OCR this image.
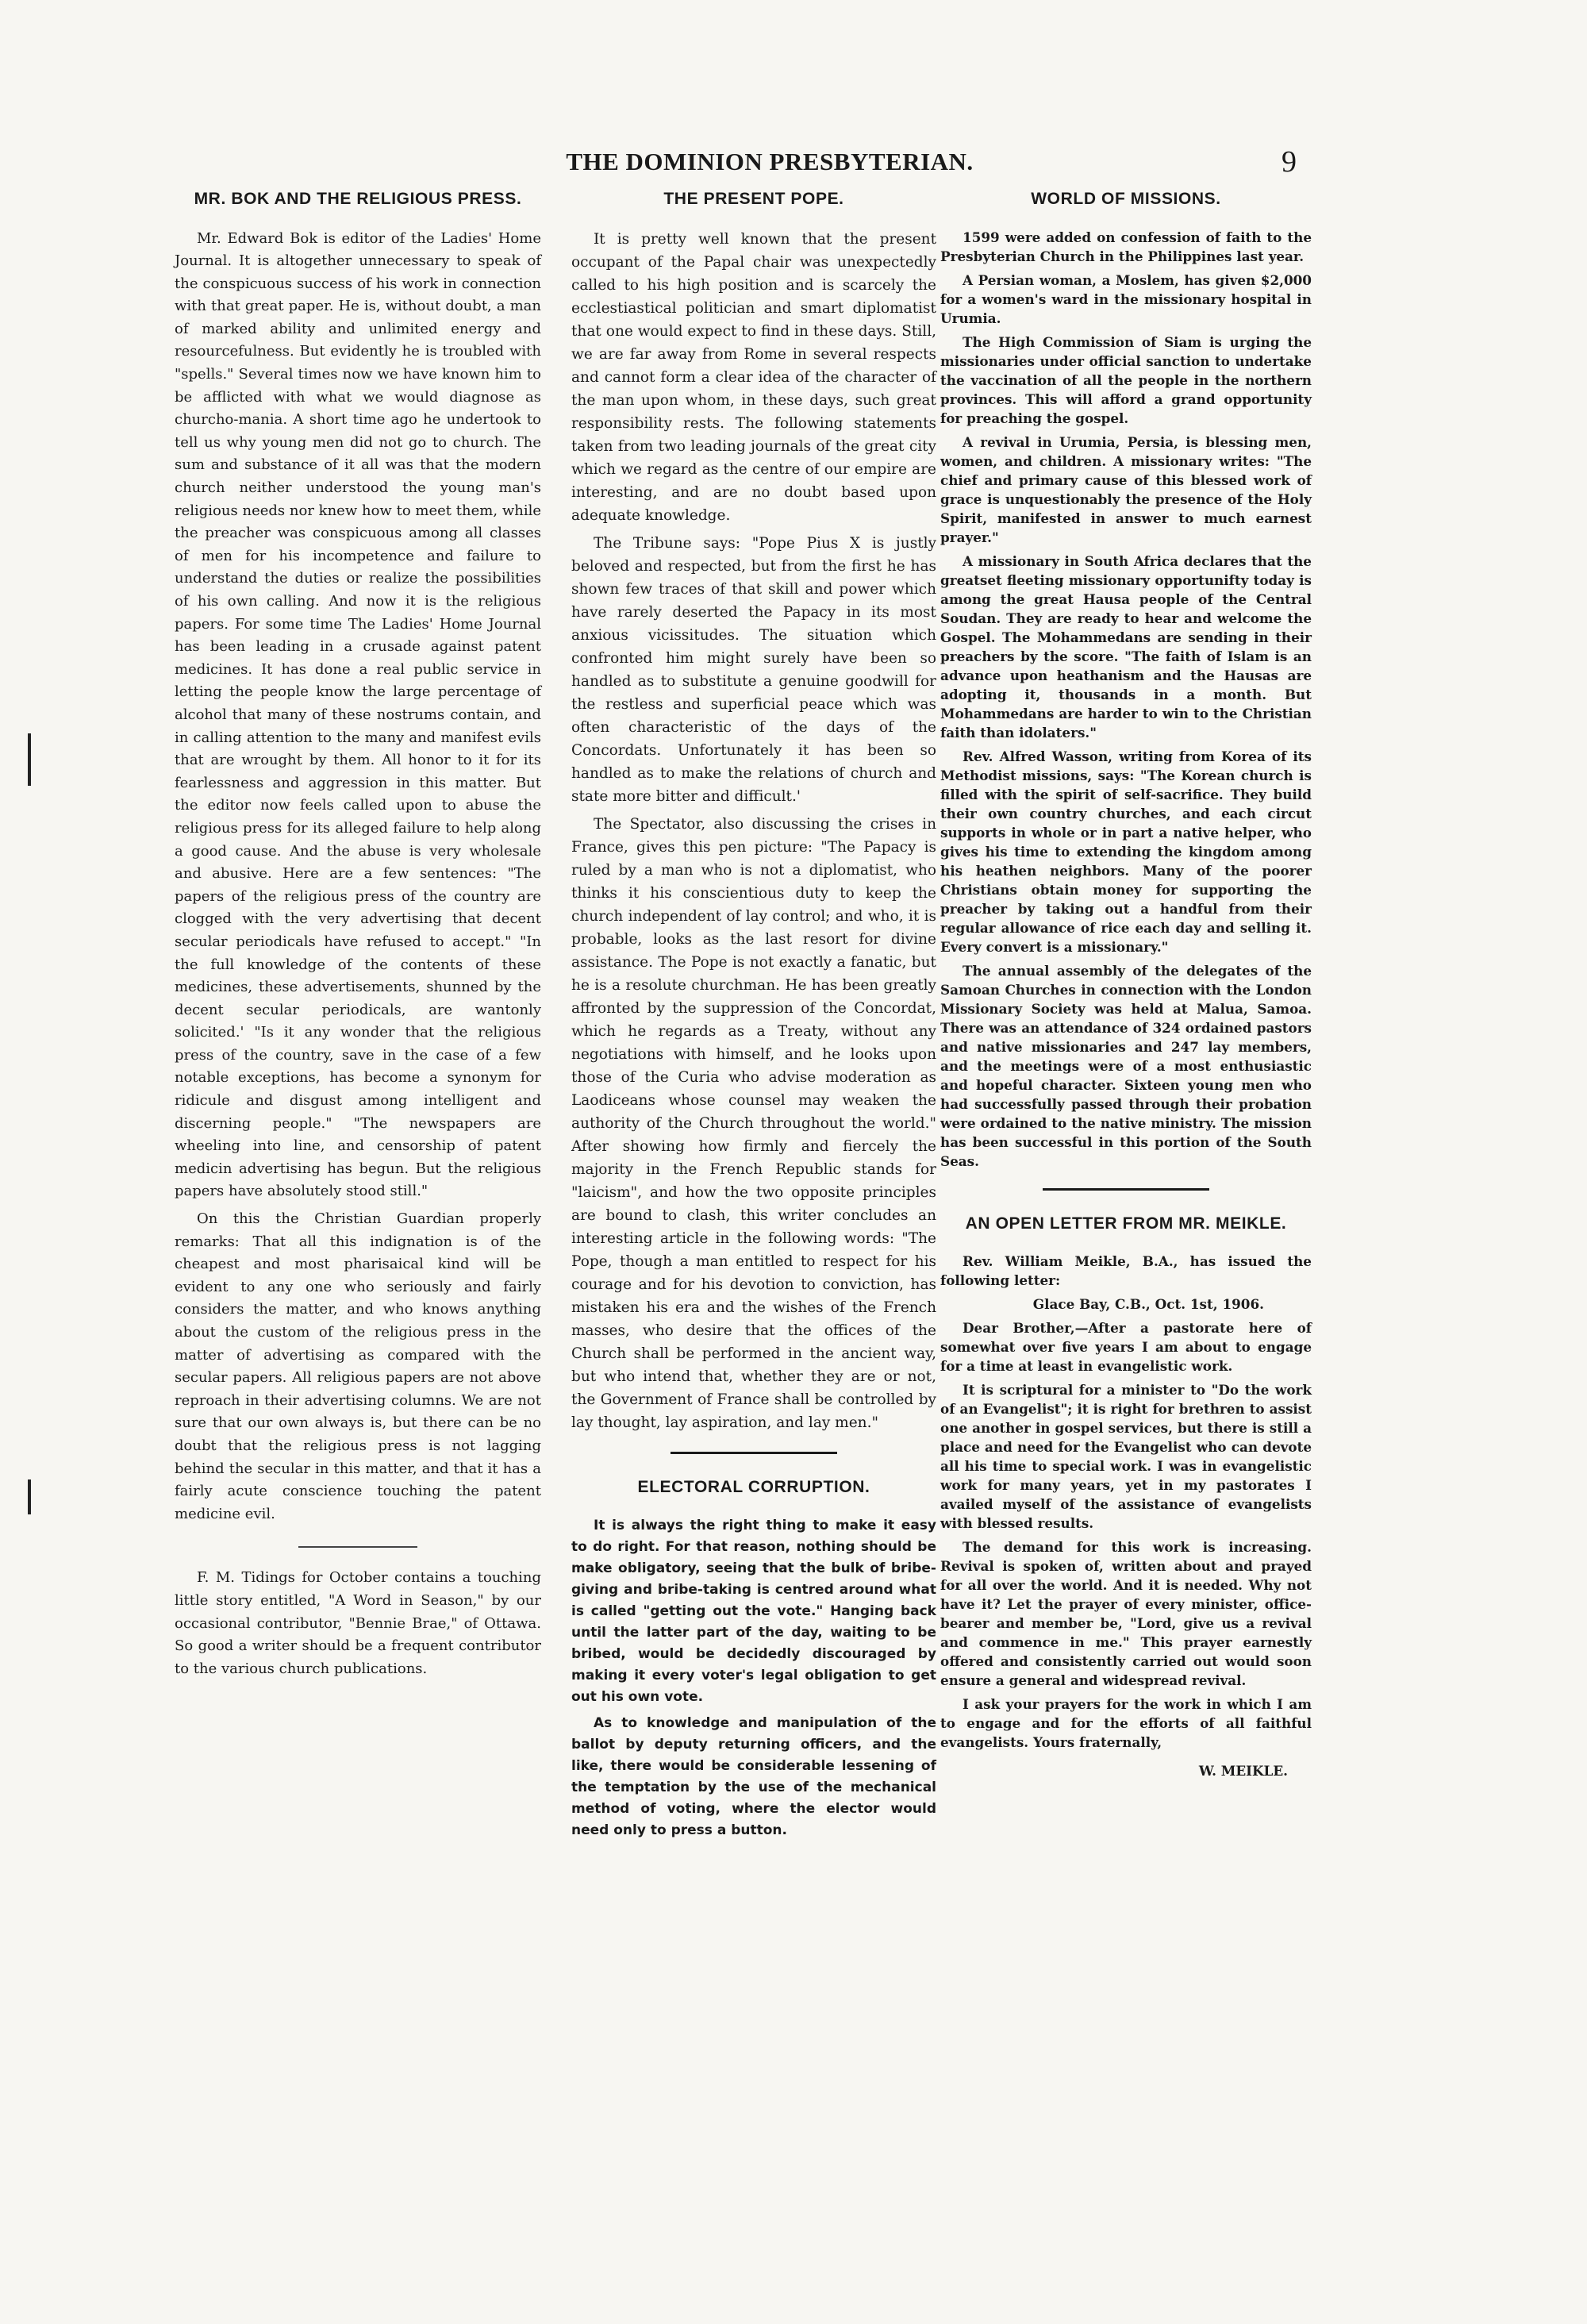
THE DOMINION PRESBYTERIAN.	9
MR. BOK AND THE RELIGIOUS PRESS.

Mr. Edward Bok is editor of the Ladies' Home Journal. It is altogether unnecessary to speak of the conspicuous success of his work in connection with that great paper. He is, without doubt, a man of marked ability and unlimited energy and resourcefulness. But evidently he is troubled with "spells." Several times now we have known him to be afflicted with what we would diagnose as churcho-mania. A short time ago he undertook to tell us why young men did not go to church. The sum and substance of it all was that the modern church neither understood the young man's religious needs nor knew how to meet them, while the preacher was conspicuous among all classes of men for his incompetence and failure to understand the duties or realize the possibilities of his own calling. And now it is the religious papers. For some time The Ladies' Home Journal has been leading in a crusade against patent medicines. It has done a real public service in letting the people know the large percentage of alcohol that many of these nostrums contain, and in calling attention to the many and manifest evils that are wrought by them. All honor to it for its fearlessness and aggression in this matter. But the editor now feels called upon to abuse the religious press for its alleged failure to help along a good cause. And the abuse is very wholesale and abusive. Here are a few sentences: "The papers of the religious press of the country are clogged with the very advertising that decent secular periodicals have refused to accept." "In the full knowledge of the contents of these medicines, these advertisements, shunned by the decent secular periodicals, are wantonly solicited.' "Is it any wonder that the religious press of the country, save in the case of a few notable exceptions, has become a synonym for ridicule and disgust among intelligent and discerning people." "The newspapers are wheeling into line, and censorship of patent medicin advertising has begun. But the religious papers have absolutely stood still."

On this the Christian Guardian properly remarks: That all this indignation is of the cheapest and most pharisaical kind will be evident to any one who seriously and fairly considers the matter, and who knows anything about the custom of the religious press in the matter of advertising as compared with the secular papers. All religious papers are not above reproach in their advertising columns. We are not sure that our own always is, but there can be no doubt that the religious press is not lagging behind the secular in this matter, and that it has a fairly acute conscience touching the patent medicine evil.

F. M. Tidings for October contains a touching little story entitled, "A Word in Season," by our occasional contributor, "Bennie Brae," of Ottawa. So good a writer should be a frequent contributor to the various church publications.

THE PRESENT POPE.

It is pretty well known that the present occupant of the Papal chair was unexpectedly called to his high position and is scarcely the ecclestiastical politician and smart diplomatist that one would expect to find in these days. Still, we are far away from Rome in several respects and cannot form a clear idea of the character of the man upon whom, in these days, such great responsibility rests. The following statements taken from two leading journals of the great city which we regard as the centre of our empire are interesting, and are no doubt based upon adequate knowledge.

The Tribune says: "Pope Pius X is justly beloved and respected, but from the first he has shown few traces of that skill and power which have rarely deserted the Papacy in its most anxious vicissitudes. The situation which confronted him might surely have been so handled as to substitute a genuine goodwill for the restless and superficial peace which was often characteristic of the days of the Concordats. Unfortunately it has been so handled as to make the relations of church and state more bitter and difficult.'

The Spectator, also discussing the crises in France, gives this pen picture: "The Papacy is ruled by a man who is not a diplomatist, who thinks it his conscientious duty to keep the church independent of lay control; and who, it is probable, looks as the last resort for divine assistance. The Pope is not exactly a fanatic, but he is a resolute churchman. He has been greatly affronted by the suppression of the Concordat, which he regards as a Treaty, without any negotiations with himself, and he looks upon those of the Curia who advise moderation as Laodiceans whose counsel may weaken the authority of the Church throughout the world." After showing how firmly and fiercely the majority in the French Republic stands for "laicism", and how the two opposite principles are bound to clash, this writer concludes an interesting article in the following words: "The Pope, though a man entitled to respect for his courage and for his devotion to conviction, has mistaken his era and the wishes of the French masses, who desire that the offices of the Church shall be performed in the ancient way, but who intend that, whether they are or not, the Government of France shall be controlled by lay thought, lay aspiration, and lay men."

ELECTORAL CORRUPTION.

It is always the right thing to make it easy to do right. For that reason, nothing should be make obligatory, seeing that the bulk of bribe-giving and bribe-taking is centred around what is called "getting out the vote." Hanging back until the latter part of the day, waiting to be bribed, would be decidedly discouraged by making it every voter's legal obligation to get out his own vote.

As to knowledge and manipulation of the ballot by deputy returning officers, and the like, there would be considerable lessening of the temptation by the use of the mechanical method of voting, where the elector would need only to press a button.

WORLD OF MISSIONS.

1599 were added on confession of faith to the Presbyterian Church in the Philippines last year.

A Persian woman, a Moslem, has given $2,000 for a women's ward in the missionary hospital in Urumia.

The High Commission of Siam is urging the missionaries under official sanction to undertake the vaccination of all the people in the northern provinces. This will afford a grand opportunity for preaching the gospel.

A revival in Urumia, Persia, is blessing men, women, and children. A missionary writes: "The chief and primary cause of this blessed work of grace is unquestionably the presence of the Holy Spirit, manifested in answer to much earnest prayer."

A missionary in South Africa declares that the greatset fleeting missionary opportunifty today is among the great Hausa people of the Central Soudan. They are ready to hear and welcome the Gospel. The Mohammedans are sending in their preachers by the score. "The faith of Islam is an advance upon heathanism and the Hausas are adopting it, thousands in a month. But Mohammedans are harder to win to the Christian faith than idolaters."

Rev. Alfred Wasson, writing from Korea of its Methodist missions, says: "The Korean church is filled with the spirit of self-sacrifice. They build their own country churches, and each circut supports in whole or in part a native helper, who gives his time to extending the kingdom among his heathen neighbors. Many of the poorer Christians obtain money for supporting the preacher by taking out a handful from their regular allowance of rice each day and selling it. Every convert is a missionary."

The annual assembly of the delegates of the Samoan Churches in connection with the London Missionary Society was held at Malua, Samoa. There was an attendance of 324 ordained pastors and native missionaries and 247 lay members, and the meetings were of a most enthusiastic and hopeful character. Sixteen young men who had successfully passed through their probation were ordained to the native ministry. The mission has been successful in this portion of the South Seas.

AN OPEN LETTER FROM MR. MEIKLE.

Rev. William Meikle, B.A., has issued the following letter:

Glace Bay, C.B., Oct. 1st, 1906.

Dear Brother,—After a pastorate here of somewhat over five years I am about to engage for a time at least in evangelistic work.

It is scriptural for a minister to "Do the work of an Evangelist"; it is right for brethren to assist one another in gospel services, but there is still a place and need for the Evangelist who can devote all his time to special work. I was in evangelistic work for many years, yet in my pastorates I availed myself of the assistance of evangelists with blessed results.

The demand for this work is increasing. Revival is spoken of, written about and prayed for all over the world. And it is needed. Why not have it? Let the prayer of every minister, office-bearer and member be, "Lord, give us a revival and commence in me." This prayer earnestly offered and consistently carried out would soon ensure a general and widespread revival.

I ask your prayers for the work in which I am to engage and for the efforts of all faithful evangelists. Yours fraternally,

W. MEIKLE.
